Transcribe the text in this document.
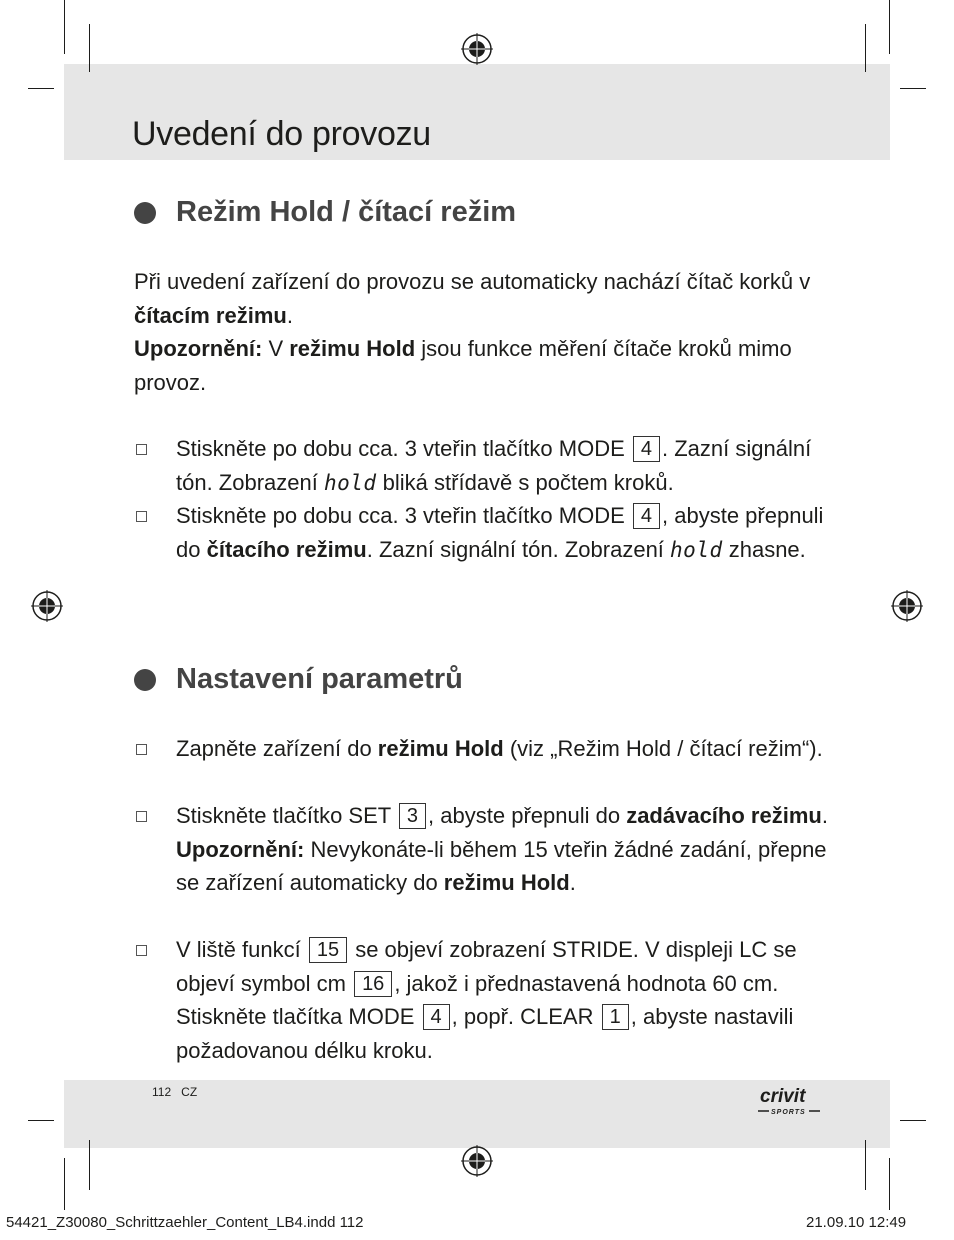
Uvedení do provozu
Režim Hold / čítací režim

Při uvedení zařízení do provozu se automaticky nachází čítač korků v čítacím režimu.
Upozornění: V režimu Hold jsou funkce měření čítače kroků mimo provoz.

Stiskněte po dobu cca. 3 vteřin tlačítko MODE 4 . Zazní signální tón. Zobrazení hold bliká střídavě s počtem kroků.
Stiskněte po dobu cca. 3 vteřin tlačítko MODE 4 , abyste přepnuli do čítacího režimu. Zazní signální tón. Zobrazení hold zhasne.
Nastavení parametrů
Zapněte zařízení do režimu Hold (viz „Režim Hold / čítací režim“).
Stiskněte tlačítko SET 3 , abyste přepnuli do zadávacího režimu.
Upozornění: Nevykonáte-li během 15 vteřin žádné zadání, přepne se zařízení automaticky do režimu Hold.
V liště funkcí 15 se objeví zobrazení STRIDE. V displeji LC se objeví symbol cm 16 , jakož i přednastavená hodnota 60 cm. Stiskněte tlačítka MODE 4 , popř. CLEAR 1 , abyste nastavili požadovanou délku kroku.
112 CZ	crivit
SPORTS
54421_Z30080_Schrittzaehler_Content_LB4.indd 112	21.09.10 12:49
